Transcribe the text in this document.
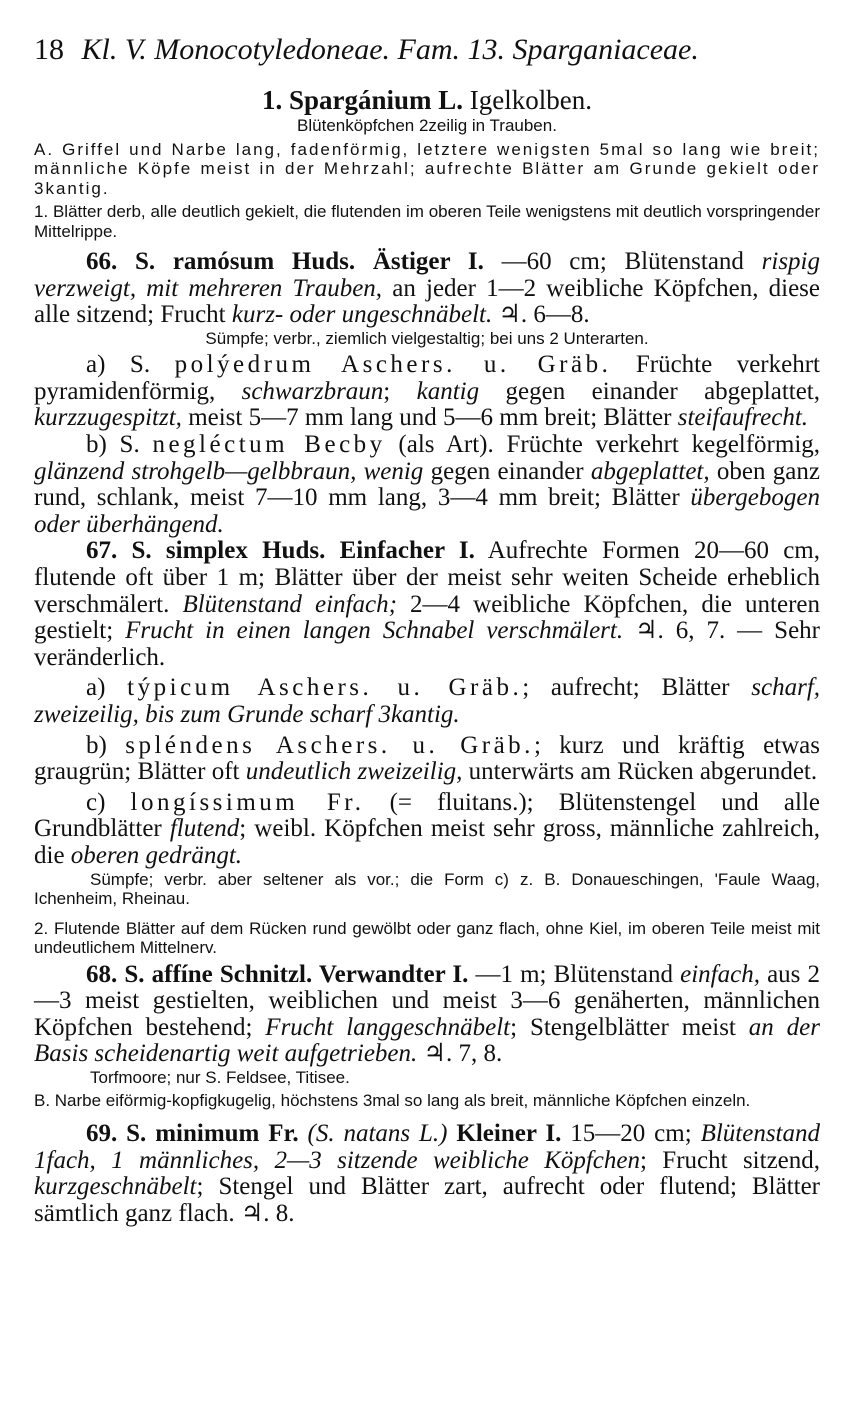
18 Kl. V. Monocotyledoneae. Fam. 13. Sparganiaceae.
1. Spargánium L. Igelkolben.
Blütenköpfchen 2zeilig in Trauben.

A. Griffel und Narbe lang, fadenförmig, letztere wenigsten 5mal so lang wie breit; männliche Köpfe meist in der Mehrzahl; aufrechte Blätter am Grunde gekielt oder 3kantig.

1. Blätter derb, alle deutlich gekielt, die flutenden im oberen Teile wenigstens mit deutlich vorspringender Mittelrippe.

66. S. ramósum Huds. Ästiger I. —60 cm; Blütenstand rispig verzweigt, mit mehreren Trauben, an jeder 1—2 weibliche Köpfchen, diese alle sitzend; Frucht kurz- oder ungeschnäbelt. ♃. 6—8.

Sümpfe; verbr., ziemlich vielgestaltig; bei uns 2 Unterarten.

a) S. polýedrum Aschers. u. Gräb. Früchte verkehrt pyramidenförmig, schwarzbraun; kantig gegen einander abgeplattet, kurzzugespitzt, meist 5—7 mm lang und 5—6 mm breit; Blätter steifaufrecht.

b) S. negléctum Becby (als Art). Früchte verkehrt kegelförmig, glänzend strohgelb—gelbbraun, wenig gegen einander abgeplattet, oben ganz rund, schlank, meist 7—10 mm lang, 3—4 mm breit; Blätter übergebogen oder überhängend.

67. S. simplex Huds. Einfacher I. Aufrechte Formen 20—60 cm, flutende oft über 1 m; Blätter über der meist sehr weiten Scheide erheblich verschmälert. Blütenstand einfach; 2—4 weibliche Köpfchen, die unteren gestielt; Frucht in einen langen Schnabel verschmälert. ♃. 6, 7. — Sehr veränderlich.

a) týpicum Aschers. u. Gräb.; aufrecht; Blätter scharf, zweizeilig, bis zum Grunde scharf 3kantig.

b) spléndens Aschers. u. Gräb.; kurz und kräftig etwas graugrün; Blätter oft undeutlich zweizeilig, unterwärts am Rücken abgerundet.

c) longíssimum Fr. (= fluitans.); Blütenstengel und alle Grundblätter flutend; weibl. Köpfchen meist sehr gross, männliche zahlreich, die oberen gedrängt.

Sümpfe; verbr. aber seltener als vor.; die Form c) z. B. Donaueschingen, 'Faule Waag, Ichenheim, Rheinau.

2. Flutende Blätter auf dem Rücken rund gewölbt oder ganz flach, ohne Kiel, im oberen Teile meist mit undeutlichem Mittelnerv.

68. S. affíne Schnitzl. Verwandter I. —1 m; Blütenstand einfach, aus 2—3 meist gestielten, weiblichen und meist 3—6 genäherten, männlichen Köpfchen bestehend; Frucht langgeschnäbelt; Stengelblätter meist an der Basis scheidenartig weit aufgetrieben. ♃. 7, 8.

Torfmoore; nur S. Feldsee, Titisee.

B. Narbe eiförmig-kopfigkugelig, höchstens 3mal so lang als breit, männliche Köpfchen einzeln.

69. S. minimum Fr. (S. natans L.) Kleiner I. 15—20 cm; Blütenstand 1fach, 1 männliches, 2—3 sitzende weibliche Köpfchen; Frucht sitzend, kurzgeschnäbelt; Stengel und Blätter zart, aufrecht oder flutend; Blätter sämtlich ganz flach. ♃. 8.
